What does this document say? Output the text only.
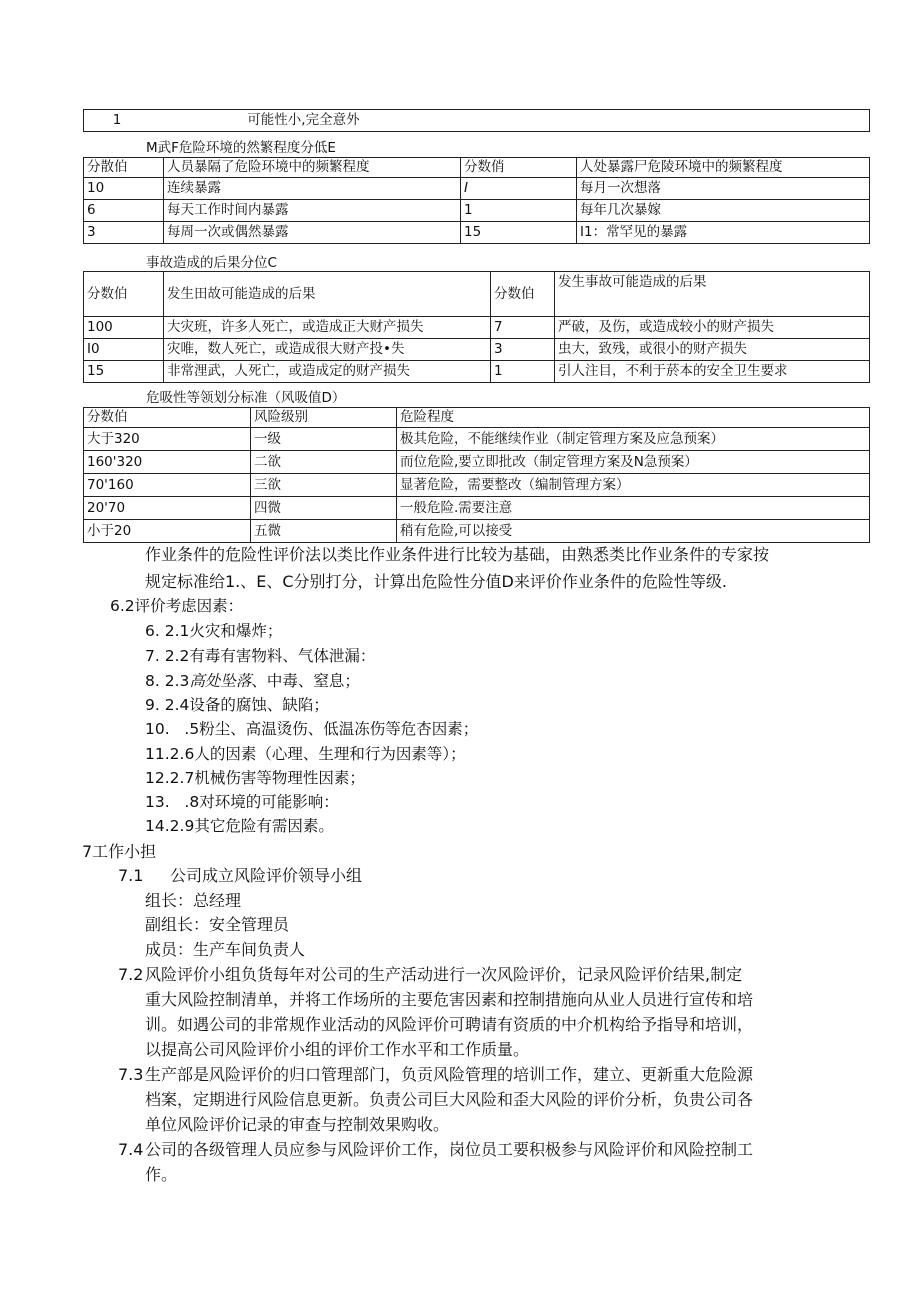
1	可能性小,完全意外
M武F危险环境的然繁程度分低E
分散伯	人员暴隔了危险环境中的频繁程度	分数俏	人处暴露尸危陵环境中的频繁程度
10	连续暴露	I	每月一次想落
6	每天工作时间内暴露	1	每年几次暴嫁
3	每周一次或偶然暴露	15	I1：常罕见的暴露
事故造成的后果分位C
分数伯	发生田故可能造成的后果	分数伯	发生事故可能造成的后果
100	大灾班，许多人死亡，或造成正大财产损失	7	严破，及伤，或造成较小的财产损失
I0	灾唯，数人死亡，或造成很大财产投•失	3	虫大，致残，或很小的财产损失
15	非常浬武，人死亡，或造成定的财产损失	1	引人注目，不利于菸本的安全卫生要求
危吸性等领划分标准（风吸值D）
分数伯	风险级别	危险程度
大于320	一级	极其危险，不能继续作业（制定管理方案及应急预案）
160'320	二欲	而位危险,要立即批改（制定管理方案及N急预案）
70'160	三欲	显著危险，需要整改（编制管理方案）
20'70	四微	一般危险.需要注意
小于20	五微	稍有危险,可以接受
作业条件的危险性评价法以类比作业条件进行比较为基础，由熟悉类比作业条件的专家按
规定标准给1.、E、C分别打分，计算出危险性分值D来评价作业条件的危险性等级.
6.2评价考虑因素：
6. 2.1火灾和爆炸；
7. 2.2有毒有害物料、气体泄漏：
8. 2.3高处坠落、中毒、窒息；
9. 2.4设备的腐蚀、缺陷；
10.   .5粉尘、高温烫伤、低温冻伤等危杏因素；
11.2.6人的因素（心理、生理和行为因素等）；
12.2.7机械伤害等物理性因素；
13.   .8对环境的可能影响：
14.2.9其它危险有需因素。
7工作小担
7.1 公司成立风险评价领导小组
组长：总经理
副组长：安全管理员
成员：生产车间负责人
7.2 风险评价小组负货每年对公司的生产活动进行一次风险评价，记录风险评价结果,制定
重大风险控制清单，并将工作场所的主要危害因素和控制措施向从业人员进行宣传和培
训。如遇公司的非常规作业活动的风险评价可聘请有资质的中介机构给予指导和培训，
以提高公司风险评价小组的评价工作水平和工作质量。
7.3 生产部是风险评价的归口管理部门，负贡风险管理的培训工作，建立、更新重大危险源
档案，定期进行风险信息更新。负责公司巨大风险和歪大风险的评价分析，负贵公司各
单位风险评价记录的审查与控制效果购收。
7.4 公司的各级管理人员应参与风险评价工作，岗位员工要积极参与风险评价和风险控制工
作。
